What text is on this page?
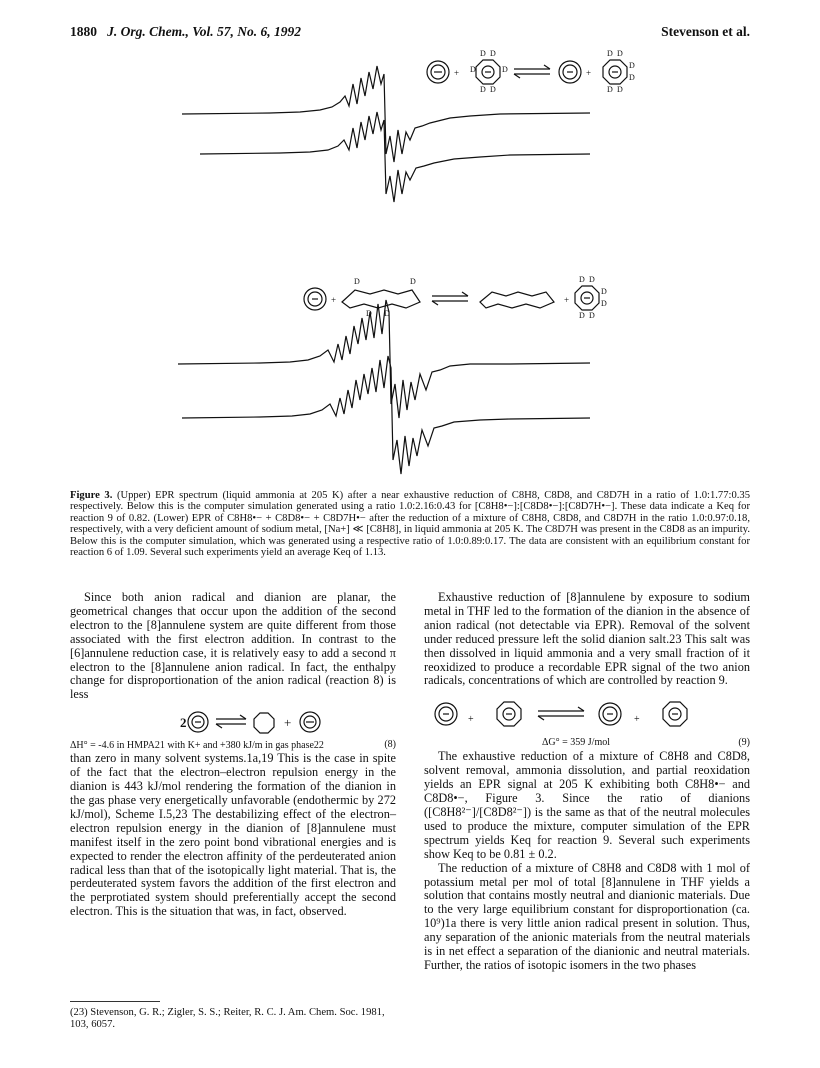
1880 J. Org. Chem., Vol. 57, No. 6, 1992	Stevenson et al.
+	+
+	+
D D
D	D
D D
D D
D
D
D D
D	D
D D
D D
D
D
D D
Figure 3. (Upper) EPR spectrum (liquid ammonia at 205 K) after a near exhaustive reduction of C8H8, C8D8, and C8D7H in a ratio of 1.0:1.77:0.35 respectively. Below this is the computer simulation generated using a ratio 1.0:2.16:0.43 for [C8H8•−]:[C8D8•−]:[C8D7H•−]. These data indicate a Keq for reaction 9 of 0.82. (Lower) EPR of C8H8•− + C8D8•− + C8D7H•− after the reduction of a mixture of C8H8, C8D8, and C8D7H in the ratio 1.0:0.97:0.18, respectively, with a very deficient amount of sodium metal, [Na+] ≪ [C8H8], in liquid ammonia at 205 K. The C8D7H was present in the C8D8 as an impurity. Below this is the computer simulation, which was generated using a respective ratio of 1.0:0.89:0.17. The data are consistent with an equilibrium constant for reaction 6 of 1.09. Several such experiments yield an average Keq of 1.13.

Since both anion radical and dianion are planar, the geometrical changes that occur upon the addition of the second electron to the [8]annulene system are quite different from those associated with the first electron addition. In contrast to the [6]annulene reduction case, it is relatively easy to add a second π electron to the [8]annulene anion radical. In fact, the enthalpy change for disproportionation of the anion radical (reaction 8) is less

2	+
ΔH° = -4.6 in HMPA21 with K+ and +380 kJ/m in gas phase22	(8)

than zero in many solvent systems.1a,19 This is the case in spite of the fact that the electron–electron repulsion energy in the dianion is 443 kJ/mol rendering the formation of the dianion in the gas phase very energetically unfavorable (endothermic by 272 kJ/mol), Scheme I.5,23 The destabilizing effect of the electron–electron repulsion energy in the dianion of [8]annulene must manifest itself in the zero point bond vibrational energies and is expected to render the electron affinity of the perdeuterated anion radical less than that of the isotopically light material. That is, the perdeuterated system favors the addition of the first electron and the perprotiated system should preferentially accept the second electron. This is the situation that was, in fact, observed.

(23) Stevenson, G. R.; Zigler, S. S.; Reiter, R. C. J. Am. Chem. Soc. 1981, 103, 6057.

Exhaustive reduction of [8]annulene by exposure to sodium metal in THF led to the formation of the dianion in the absence of anion radical (not detectable via EPR). Removal of the solvent under reduced pressure left the solid dianion salt.23 This salt was then dissolved in liquid ammonia and a very small fraction of it reoxidized to produce a recordable EPR signal of the two anion radicals, concentrations of which are controlled by reaction 9.

+	+
ΔG° = 359 J/mol	(9)

The exhaustive reduction of a mixture of C8H8 and C8D8, solvent removal, ammonia dissolution, and partial reoxidation yields an EPR signal at 205 K exhibiting both C8H8•− and C8D8•−, Figure 3. Since the ratio of dianions ([C8H8²⁻]/[C8D8²⁻]) is the same as that of the neutral molecules used to produce the mixture, computer simulation of the EPR spectrum yields Keq for reaction 9. Several such experiments show Keq to be 0.81 ± 0.2.

The reduction of a mixture of C8H8 and C8D8 with 1 mol of potassium metal per mol of total [8]annulene in THF yields a solution that contains mostly neutral and dianionic materials. Due to the very large equilibrium constant for disproportionation (ca. 10⁹)1a there is very little anion radical present in solution. Thus, any separation of the anionic materials from the neutral materials is in net effect a separation of the dianionic and neutral materials. Further, the ratios of isotopic isomers in the two phases
